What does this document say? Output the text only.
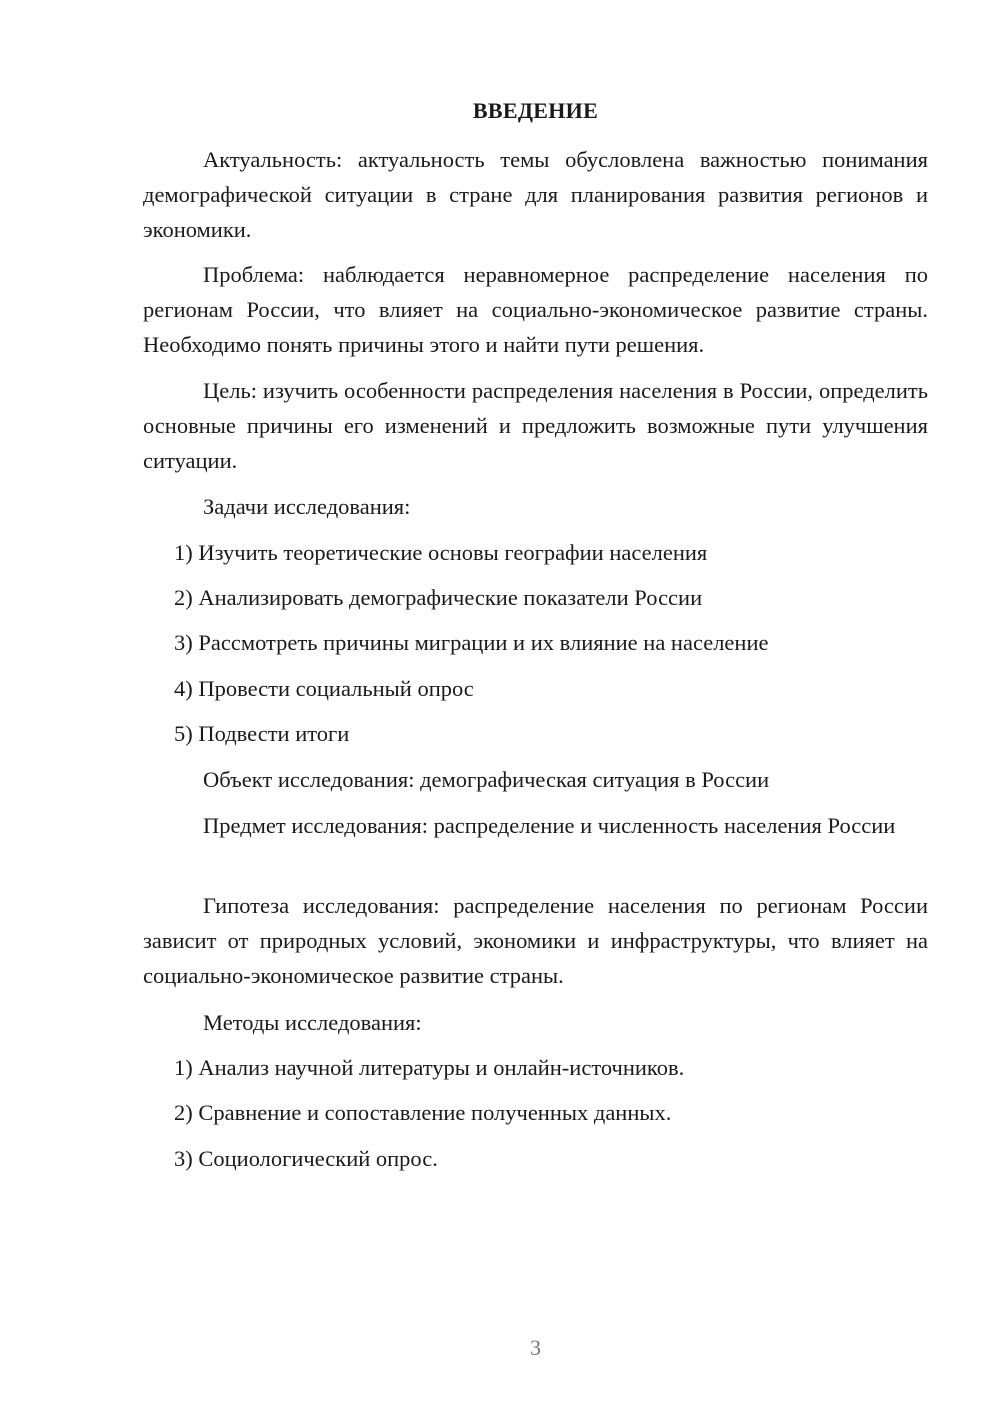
ВВЕДЕНИЕ

Актуальность: актуальность темы обусловлена важностью понимания демографической ситуации в стране для планирования развития регионов и экономики.

Проблема: наблюдается неравномерное распределение населения по регионам России, что влияет на социально-экономическое развитие страны. Необходимо понять причины этого и найти пути решения.

Цель: изучить особенности распределения населения в России, определить основные причины его изменений и предложить возможные пути улучшения ситуации.

Задачи исследования:

1) Изучить теоретические основы географии населения

2) Анализировать демографические показатели России

3) Рассмотреть причины миграции и их влияние на население

4) Провести социальный опрос

5) Подвести итоги

Объект исследования: демографическая ситуация в России

Предмет исследования: распределение и численность населения России

Гипотеза исследования: распределение населения по регионам России зависит от природных условий, экономики и инфраструктуры, что влияет на социально-экономическое развитие страны.

Методы исследования:

1) Анализ научной литературы и онлайн-источников.

2) Сравнение и сопоставление полученных данных.

3) Социологический опрос.

3
